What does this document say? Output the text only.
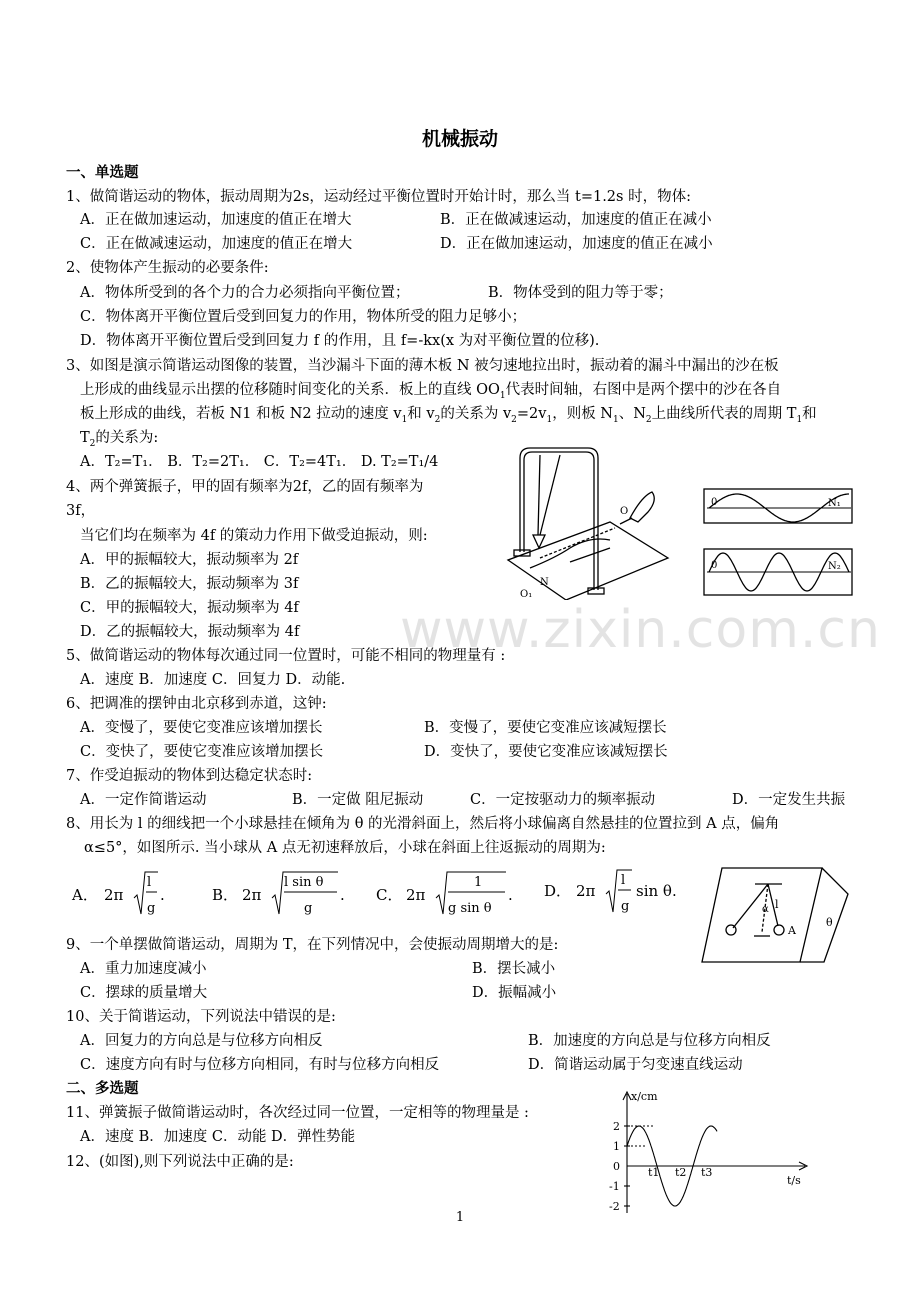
机械振动
一、单选题
1、做简谐运动的物体，振动周期为2s，运动经过平衡位置时开始计时，那么当 t=1.2s 时，物体:
A．正在做加速运动，加速度的值正在增大	B．正在做减速运动，加速度的值正在减小
C．正在做减速运动，加速度的值正在增大	D．正在做加速运动，加速度的值正在减小
2、使物体产生振动的必要条件:
A．物体所受到的各个力的合力必须指向平衡位置；	B．物体受到的阻力等于零；
C．物体离开平衡位置后受到回复力的作用，物体所受的阻力足够小；
D．物体离开平衡位置后受到回复力 f 的作用，且 f=-kx(x 为对平衡位置的位移).
3、如图是演示简谐运动图像的装置，当沙漏斗下面的薄木板 N 被匀速地拉出时，振动着的漏斗中漏出的沙在板
上形成的曲线显示出摆的位移随时间变化的关系．板上的直线 $OO_1$代表时间轴，右图中是两个摆中的沙在各自
板上形成的曲线，若板 N1 和板 N2 拉动的速度 $v_1$和 $v_2$的关系为 $v_2=2v_1$，则板 $N_1$、$N_2$上曲线所代表的周期 $T_1$和
$T_2$的关系为:
A．T₂=T₁． B．T₂=2T₁． C．T₂=4T₁． D. T₂=T₁/4
O
N
O₁
0	N₁
0	N₂
4、两个弹簧振子，甲的固有频率为2f，乙的固有频率为
3f，
当它们均在频率为 4f 的策动力作用下做受迫振动，则:
A．甲的振幅较大，振动频率为 2f
B．乙的振幅较大，振动频率为 3f
C．甲的振幅较大，振动频率为 4f
D．乙的振幅较大，振动频率为 4f www.zixin.com.cn
5、做简谐运动的物体每次通过同一位置时，可能不相同的物理量有 :
A．速度 B．加速度 C．回复力 D．动能.
6、把调准的摆钟由北京移到赤道，这钟:
A．变慢了，要使它变准应该增加摆长	B．变慢了，要使它变准应该减短摆长
C．变快了，要使它变准应该增加摆长	D．变快了，要使它变准应该减短摆长
7、作受迫振动的物体到达稳定状态时:
A．一定作简谐运动	B．一定做 阻尼振动	C．一定按驱动力的频率振动	D．一定发生共振
8、用长为 l 的细线把一个小球悬挂在倾角为 θ 的光滑斜面上，然后将小球偏离自然悬挂的位置拉到 A 点，偏角
α≤5°，如图所示. 当小球从 A 点无初速释放后，小球在斜面上往返振动的周期为:
A． 2π
l
g
.	B． 2π
l sin θ
g
. C． 2π
1
g sin θ
. D． 2π
l
g
sin θ .
α l
A
θ
9、一个单摆做简谐运动，周期为 T，在下列情况中，会使振动周期增大的是:
A．重力加速度减小	B．摆长减小
C．摆球的质量增大	D．振幅减小
10、关于简谐运动，下列说法中错误的是:
A．回复力的方向总是与位移方向相反	B．加速度的方向总是与位移方向相反
C．速度方向有时与位移方向相同，有时与位移方向相反	D．简谐运动属于匀变速直线运动
二、多选题
11、弹簧振子做简谐运动时，各次经过同一位置，一定相等的物理量是 :
A．速度 B．加速度 C．动能 D．弹性势能
12、(如图),则下列说法中正确的是:
x/cm
t/s
2
1
0
-1
-2
t1 t2 t3
1
